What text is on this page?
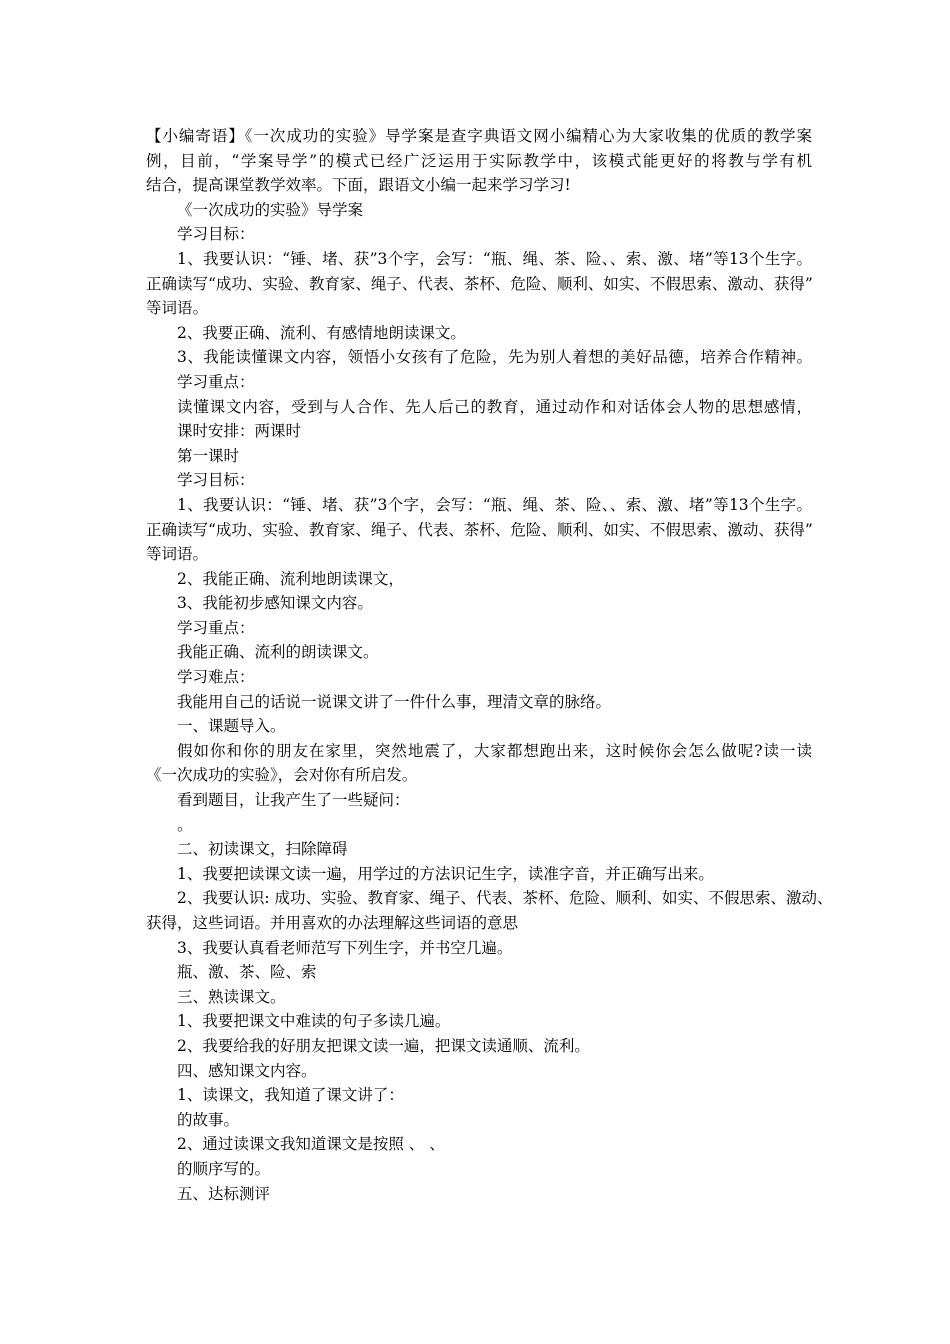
【小编寄语】《一次成功的实验》导学案是查字典语文网小编精心为大家收集的优质的教学案
例，目前，“学案导学”的模式已经广泛运用于实际教学中，该模式能更好的将教与学有机
结合，提高课堂教学效率。下面，跟语文小编一起来学习学习!
《一次成功的实验》导学案
学习目标：
1、我要认识：“锤、堵、获”3个字，会写：“瓶、绳、茶、险、、索、激、堵”等13个生字。
正确读写“成功、实验、教育家、绳子、代表、茶杯、危险、顺利、如实、不假思索、激动、获得”
等词语。
2、我要正确、流利、有感情地朗读课文。
3、我能读懂课文内容，领悟小女孩有了危险，先为别人着想的美好品德，培养合作精神。
学习重点：
读懂课文内容，受到与人合作、先人后己的教育，通过动作和对话体会人物的思想感情，
课时安排：两课时
第一课时
学习目标：
1、我要认识：“锤、堵、获”3个字，会写：“瓶、绳、茶、险、、索、激、堵”等13个生字。
正确读写“成功、实验、教育家、绳子、代表、茶杯、危险、顺利、如实、不假思索、激动、获得”
等词语。
2、我能正确、流利地朗读课文，
3、我能初步感知课文内容。
学习重点：
我能正确、流利的朗读课文。
学习难点：
我能用自己的话说一说课文讲了一件什么事，理清文章的脉络。
一、课题导入。
假如你和你的朋友在家里，突然地震了，大家都想跑出来，这时候你会怎么做呢?读一读
《一次成功的实验》，会对你有所启发。
看到题目，让我产生了一些疑问：
。
二、初读课文，扫除障碍
1、我要把读课文读一遍，用学过的方法识记生字，读准字音，并正确写出来。
2、我要认识: 成功、实验、教育家、绳子、代表、茶杯、危险、顺利、如实、不假思索、激动、
获得，这些词语。并用喜欢的办法理解这些词语的意思
3、我要认真看老师范写下列生字，并书空几遍。
瓶、激、茶、险、索
三、熟读课文。
1、我要把课文中难读的句子多读几遍。
2、我要给我的好朋友把课文读一遍，把课文读通顺、流利。
四、感知课文内容。
1、读课文，我知道了课文讲了：
的故事。
2、通过读课文我知道课文是按照 、 、
的顺序写的。
五、达标测评
